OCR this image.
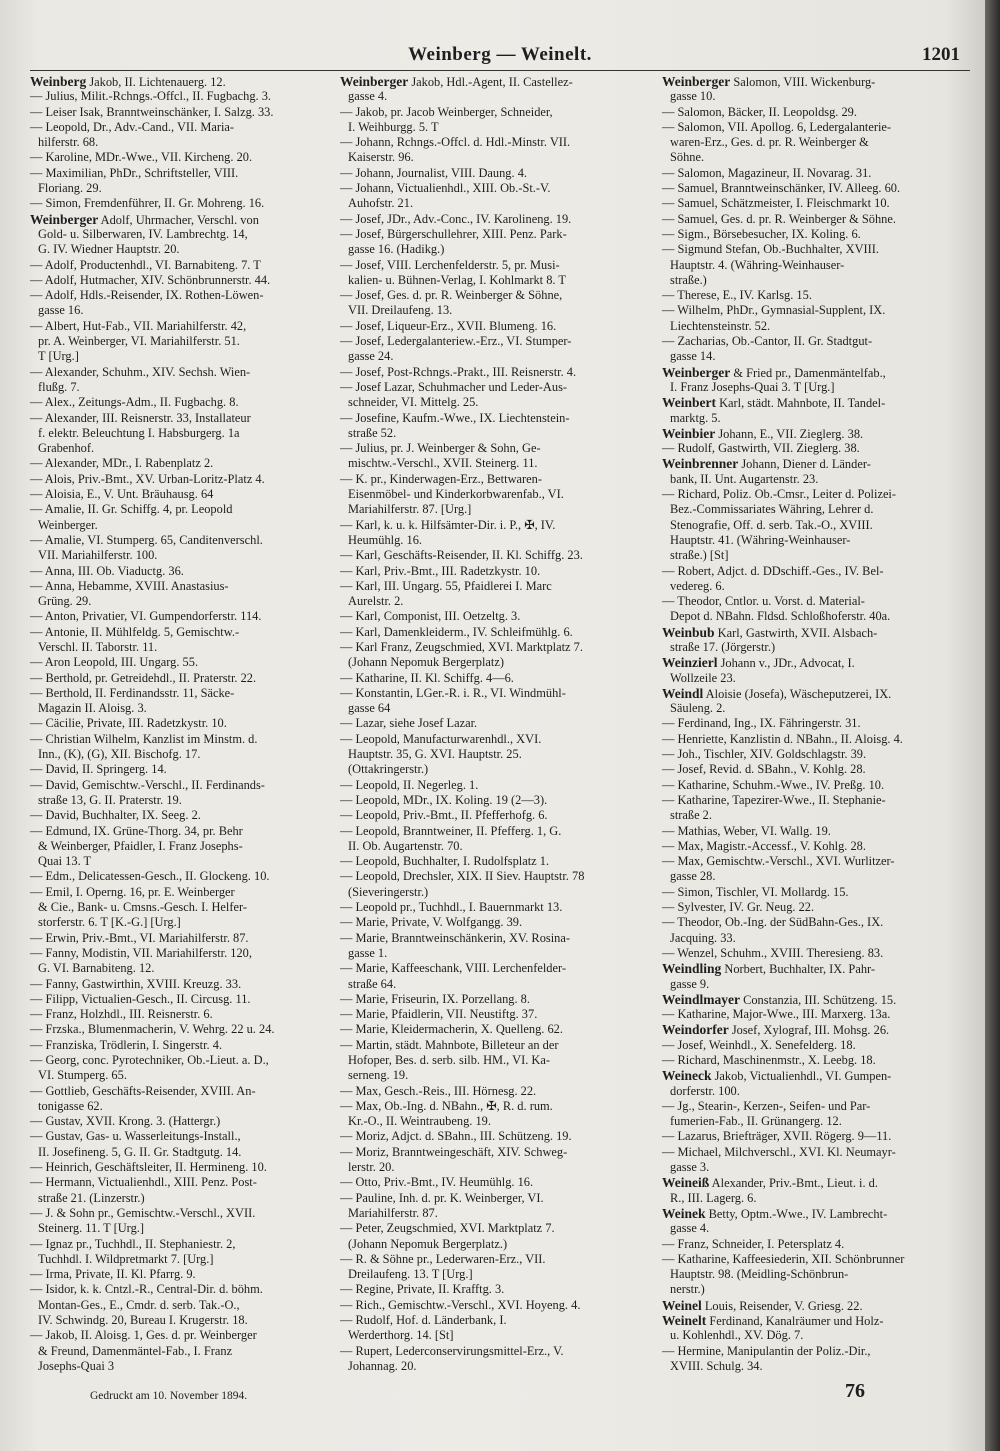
Weinberg — Weinelt.	1201
Weinberg Jakob, II. Lichtenauerg. 12.
— Julius, Milit.-Rchngs.-Offcl., II. Fugbachg. 3.
— Leiser Isak, Branntweinschänker, I. Salzg. 33.
— Leopold, Dr., Adv.-Cand., VII. Maria-
hilferstr. 68.
— Karoline, MDr.-Wwe., VII. Kircheng. 20.
— Maximilian, PhDr., Schriftsteller, VIII.
Floriang. 29.
— Simon, Fremdenführer, II. Gr. Mohreng. 16.
Weinberger Adolf, Uhrmacher, Verschl. von
Gold- u. Silberwaren, IV. Lambrechtg. 14,
G. IV. Wiedner Hauptstr. 20.
— Adolf, Productenhdl., VI. Barnabiteng. 7. T
— Adolf, Hutmacher, XIV. Schönbrunnerstr. 44.
— Adolf, Hdls.-Reisender, IX. Rothen-Löwen-
gasse 16.
— Albert, Hut-Fab., VII. Mariahilferstr. 42,
pr. A. Weinberger, VI. Mariahilferstr. 51.
T [Urg.]
— Alexander, Schuhm., XIV. Sechsh. Wien-
flußg. 7.
— Alex., Zeitungs-Adm., II. Fugbachg. 8.
— Alexander, III. Reisnerstr. 33, Installateur
f. elektr. Beleuchtung I. Habsburgerg. 1a
Grabenhof.
— Alexander, MDr., I. Rabenplatz 2.
— Alois, Priv.-Bmt., XV. Urban-Loritz-Platz 4.
— Aloisia, E., V. Unt. Bräuhausg. 64
— Amalie, II. Gr. Schiffg. 4, pr. Leopold
Weinberger.
— Amalie, VI. Stumperg. 65, Canditenverschl.
VII. Mariahilferstr. 100.
— Anna, III. Ob. Viaductg. 36.
— Anna, Hebamme, XVIII. Anastasius-
Grüng. 29.
— Anton, Privatier, VI. Gumpendorferstr. 114.
— Antonie, II. Mühlfeldg. 5, Gemischtw.-
Verschl. II. Taborstr. 11.
— Aron Leopold, III. Ungarg. 55.
— Berthold, pr. Getreidehdl., II. Praterstr. 22.
— Berthold, II. Ferdinandsstr. 11, Säcke-
Magazin II. Aloisg. 3.
— Cäcilie, Private, III. Radetzkystr. 10.
— Christian Wilhelm, Kanzlist im Minstm. d.
Inn., (K), (G), XII. Bischofg. 17.
— David, II. Springerg. 14.
— David, Gemischtw.-Verschl., II. Ferdinands-
straße 13, G. II. Praterstr. 19.
— David, Buchhalter, IX. Seeg. 2.
— Edmund, IX. Grüne-Thorg. 34, pr. Behr
& Weinberger, Pfaidler, I. Franz Josephs-
Quai 13. T
— Edm., Delicatessen-Gesch., II. Glockeng. 10.
— Emil, I. Operng. 16, pr. E. Weinberger
& Cie., Bank- u. Cmsns.-Gesch. I. Helfer-
storferstr. 6. T [K.-G.] [Urg.]
— Erwin, Priv.-Bmt., VI. Mariahilferstr. 87.
— Fanny, Modistin, VII. Mariahilferstr. 120,
G. VI. Barnabiteng. 12.
— Fanny, Gastwirthin, XVIII. Kreuzg. 33.
— Filipp, Victualien-Gesch., II. Circusg. 11.
— Franz, Holzhdl., III. Reisnerstr. 6.
— Frzska., Blumenmacherin, V. Wehrg. 22 u. 24.
— Franziska, Trödlerin, I. Singerstr. 4.
— Georg, conc. Pyrotechniker, Ob.-Lieut. a. D.,
VI. Stumperg. 65.
— Gottlieb, Geschäfts-Reisender, XVIII. An-
tonigasse 62.
— Gustav, XVII. Krong. 3. (Hattergr.)
— Gustav, Gas- u. Wasserleitungs-Install.,
II. Josefineng. 5, G. II. Gr. Stadtgutg. 14.
— Heinrich, Geschäftsleiter, II. Hermineng. 10.
— Hermann, Victualienhdl., XIII. Penz. Post-
straße 21. (Linzerstr.)
— J. & Sohn pr., Gemischtw.-Verschl., XVII.
Steinerg. 11. T [Urg.]
— Ignaz pr., Tuchhdl., II. Stephaniestr. 2,
Tuchhdl. I. Wildpretmarkt 7. [Urg.]
— Irma, Private, II. Kl. Pfarrg. 9.
— Isidor, k. k. Cntzl.-R., Central-Dir. d. böhm.
Montan-Ges., E., Cmdr. d. serb. Tak.-O.,
IV. Schwindg. 20, Bureau I. Krugerstr. 18.
— Jakob, II. Aloisg. 1, Ges. d. pr. Weinberger
& Freund, Damenmäntel-Fab., I. Franz
Josephs-Quai 3
Weinberger Jakob, Hdl.-Agent, II. Castellez-
gasse 4.
— Jakob, pr. Jacob Weinberger, Schneider,
I. Weihburgg. 5. T
— Johann, Rchngs.-Offcl. d. Hdl.-Minstr. VII.
Kaiserstr. 96.
— Johann, Journalist, VIII. Daung. 4.
— Johann, Victualienhdl., XIII. Ob.-St.-V.
Auhofstr. 21.
— Josef, JDr., Adv.-Conc., IV. Karolineng. 19.
— Josef, Bürgerschullehrer, XIII. Penz. Park-
gasse 16. (Hadikg.)
— Josef, VIII. Lerchenfelderstr. 5, pr. Musi-
kalien- u. Bühnen-Verlag, I. Kohlmarkt 8. T
— Josef, Ges. d. pr. R. Weinberger & Söhne,
VII. Dreilaufeng. 13.
— Josef, Liqueur-Erz., XVII. Blumeng. 16.
— Josef, Ledergalanteriew.-Erz., VI. Stumper-
gasse 24.
— Josef, Post-Rchngs.-Prakt., III. Reisnerstr. 4.
— Josef Lazar, Schuhmacher und Leder-Aus-
schneider, VI. Mittelg. 25.
— Josefine, Kaufm.-Wwe., IX. Liechtenstein-
straße 52.
— Julius, pr. J. Weinberger & Sohn, Ge-
mischtw.-Verschl., XVII. Steinerg. 11.
— K. pr., Kinderwagen-Erz., Bettwaren-
Eisenmöbel- und Kinderkorbwarenfab., VI.
Mariahilferstr. 87. [Urg.]
— Karl, k. u. k. Hilfsämter-Dir. i. P., ✠, IV.
Heumühlg. 16.
— Karl, Geschäfts-Reisender, II. Kl. Schiffg. 23.
— Karl, Priv.-Bmt., III. Radetzkystr. 10.
— Karl, III. Ungarg. 55, Pfaidlerei I. Marc
Aurelstr. 2.
— Karl, Componist, III. Oetzeltg. 3.
— Karl, Damenkleiderm., IV. Schleifmühlg. 6.
— Karl Franz, Zeugschmied, XVI. Marktplatz 7.
(Johann Nepomuk Bergerplatz)
— Katharine, II. Kl. Schiffg. 4—6.
— Konstantin, LGer.-R. i. R., VI. Windmühl-
gasse 64
— Lazar, siehe Josef Lazar.
— Leopold, Manufacturwarenhdl., XVI.
Hauptstr. 35, G. XVI. Hauptstr. 25.
(Ottakringerstr.)
— Leopold, II. Negerleg. 1.
— Leopold, MDr., IX. Koling. 19 (2—3).
— Leopold, Priv.-Bmt., II. Pfefferhofg. 6.
— Leopold, Branntweiner, II. Pfefferg. 1, G.
II. Ob. Augartenstr. 70.
— Leopold, Buchhalter, I. Rudolfsplatz 1.
— Leopold, Drechsler, XIX. II Siev. Hauptstr. 78
(Sieveringerstr.)
— Leopold pr., Tuchhdl., I. Bauernmarkt 13.
— Marie, Private, V. Wolfgangg. 39.
— Marie, Branntweinschänkerin, XV. Rosina-
gasse 1.
— Marie, Kaffeeschank, VIII. Lerchenfelder-
straße 64.
— Marie, Friseurin, IX. Porzellang. 8.
— Marie, Pfaidlerin, VII. Neustiftg. 37.
— Marie, Kleidermacherin, X. Quelleng. 62.
— Martin, städt. Mahnbote, Billeteur an der
Hofoper, Bes. d. serb. silb. HM., VI. Ka-
serneng. 19.
— Max, Gesch.-Reis., III. Hörnesg. 22.
— Max, Ob.-Ing. d. NBahn., ✠, R. d. rum.
Kr.-O., II. Weintraubeng. 19.
— Moriz, Adjct. d. SBahn., III. Schützeng. 19.
— Moriz, Branntweingeschäft, XIV. Schweg-
lerstr. 20.
— Otto, Priv.-Bmt., IV. Heumühlg. 16.
— Pauline, Inh. d. pr. K. Weinberger, VI.
Mariahilferstr. 87.
— Peter, Zeugschmied, XVI. Marktplatz 7.
(Johann Nepomuk Bergerplatz.)
— R. & Söhne pr., Lederwaren-Erz., VII.
Dreilaufeng. 13. T [Urg.]
— Regine, Private, II. Krafftg. 3.
— Rich., Gemischtw.-Verschl., XVI. Hoyeng. 4.
— Rudolf, Hof. d. Länderbank, I.
Werderthorg. 14. [St]
— Rupert, Lederconservirungsmittel-Erz., V.
Johannag. 20.
Weinberger Salomon, VIII. Wickenburg-
gasse 10.
— Salomon, Bäcker, II. Leopoldsg. 29.
— Salomon, VII. Apollog. 6, Ledergalanterie-
waren-Erz., Ges. d. pr. R. Weinberger &
Söhne.
— Salomon, Magazineur, II. Novarag. 31.
— Samuel, Branntweinschänker, IV. Alleeg. 60.
— Samuel, Schätzmeister, I. Fleischmarkt 10.
— Samuel, Ges. d. pr. R. Weinberger & Söhne.
— Sigm., Börsebesucher, IX. Koling. 6.
— Sigmund Stefan, Ob.-Buchhalter, XVIII.
Hauptstr. 4. (Währing-Weinhauser-
straße.)
— Therese, E., IV. Karlsg. 15.
— Wilhelm, PhDr., Gymnasial-Supplent, IX.
Liechtensteinstr. 52.
— Zacharias, Ob.-Cantor, II. Gr. Stadtgut-
gasse 14.
Weinberger & Fried pr., Damenmäntelfab.,
I. Franz Josephs-Quai 3. T [Urg.]
Weinbert Karl, städt. Mahnbote, II. Tandel-
marktg. 5.
Weinbier Johann, E., VII. Zieglerg. 38.
— Rudolf, Gastwirth, VII. Zieglerg. 38.
Weinbrenner Johann, Diener d. Länder-
bank, II. Unt. Augartenstr. 23.
— Richard, Poliz. Ob.-Cmsr., Leiter d. Polizei-
Bez.-Commissariates Währing, Lehrer d.
Stenografie, Off. d. serb. Tak.-O., XVIII.
Hauptstr. 41. (Währing-Weinhauser-
straße.) [St]
— Robert, Adjct. d. DDschiff.-Ges., IV. Bel-
vedereg. 6.
— Theodor, Cntlor. u. Vorst. d. Material-
Depot d. NBahn. Fldsd. Schloßhoferstr. 40a.
Weinbub Karl, Gastwirth, XVII. Alsbach-
straße 17. (Jörgerstr.)
Weinzierl Johann v., JDr., Advocat, I.
Wollzeile 23.
Weindl Aloisie (Josefa), Wäscheputzerei, IX.
Säuleng. 2.
— Ferdinand, Ing., IX. Fähringerstr. 31.
— Henriette, Kanzlistin d. NBahn., II. Aloisg. 4.
— Joh., Tischler, XIV. Goldschlagstr. 39.
— Josef, Revid. d. SBahn., V. Kohlg. 28.
— Katharine, Schuhm.-Wwe., IV. Preßg. 10.
— Katharine, Tapezirer-Wwe., II. Stephanie-
straße 2.
— Mathias, Weber, VI. Wallg. 19.
— Max, Magistr.-Accessf., V. Kohlg. 28.
— Max, Gemischtw.-Verschl., XVI. Wurlitzer-
gasse 28.
— Simon, Tischler, VI. Mollardg. 15.
— Sylvester, IV. Gr. Neug. 22.
— Theodor, Ob.-Ing. der SüdBahn-Ges., IX.
Jacquing. 33.
— Wenzel, Schuhm., XVIII. Theresieng. 83.
Weindling Norbert, Buchhalter, IX. Pahr-
gasse 9.
Weindlmayer Constanzia, III. Schützeng. 15.
— Katharine, Major-Wwe., III. Marxerg. 13a.
Weindorfer Josef, Xylograf, III. Mohsg. 26.
— Josef, Weinhdl., X. Senefelderg. 18.
— Richard, Maschinenmstr., X. Leebg. 18.
Weineck Jakob, Victualienhdl., VI. Gumpen-
dorferstr. 100.
— Jg., Stearin-, Kerzen-, Seifen- und Par-
fumerien-Fab., II. Grünangerg. 12.
— Lazarus, Briefträger, XVII. Rögerg. 9—11.
— Michael, Milchverschl., XVI. Kl. Neumayr-
gasse 3.
Weineiß Alexander, Priv.-Bmt., Lieut. i. d.
R., III. Lagerg. 6.
Weinek Betty, Optm.-Wwe., IV. Lambrecht-
gasse 4.
— Franz, Schneider, I. Petersplatz 4.
— Katharine, Kaffeesiederin, XII. Schönbrunner
Hauptstr. 98. (Meidling-Schönbrun-
nerstr.)
Weinel Louis, Reisender, V. Griesg. 22.
Weinelt Ferdinand, Kanalräumer und Holz-
u. Kohlenhdl., XV. Dög. 7.
— Hermine, Manipulantin der Poliz.-Dir.,
XVIII. Schulg. 34.
Gedruckt am 10. November 1894.	76
